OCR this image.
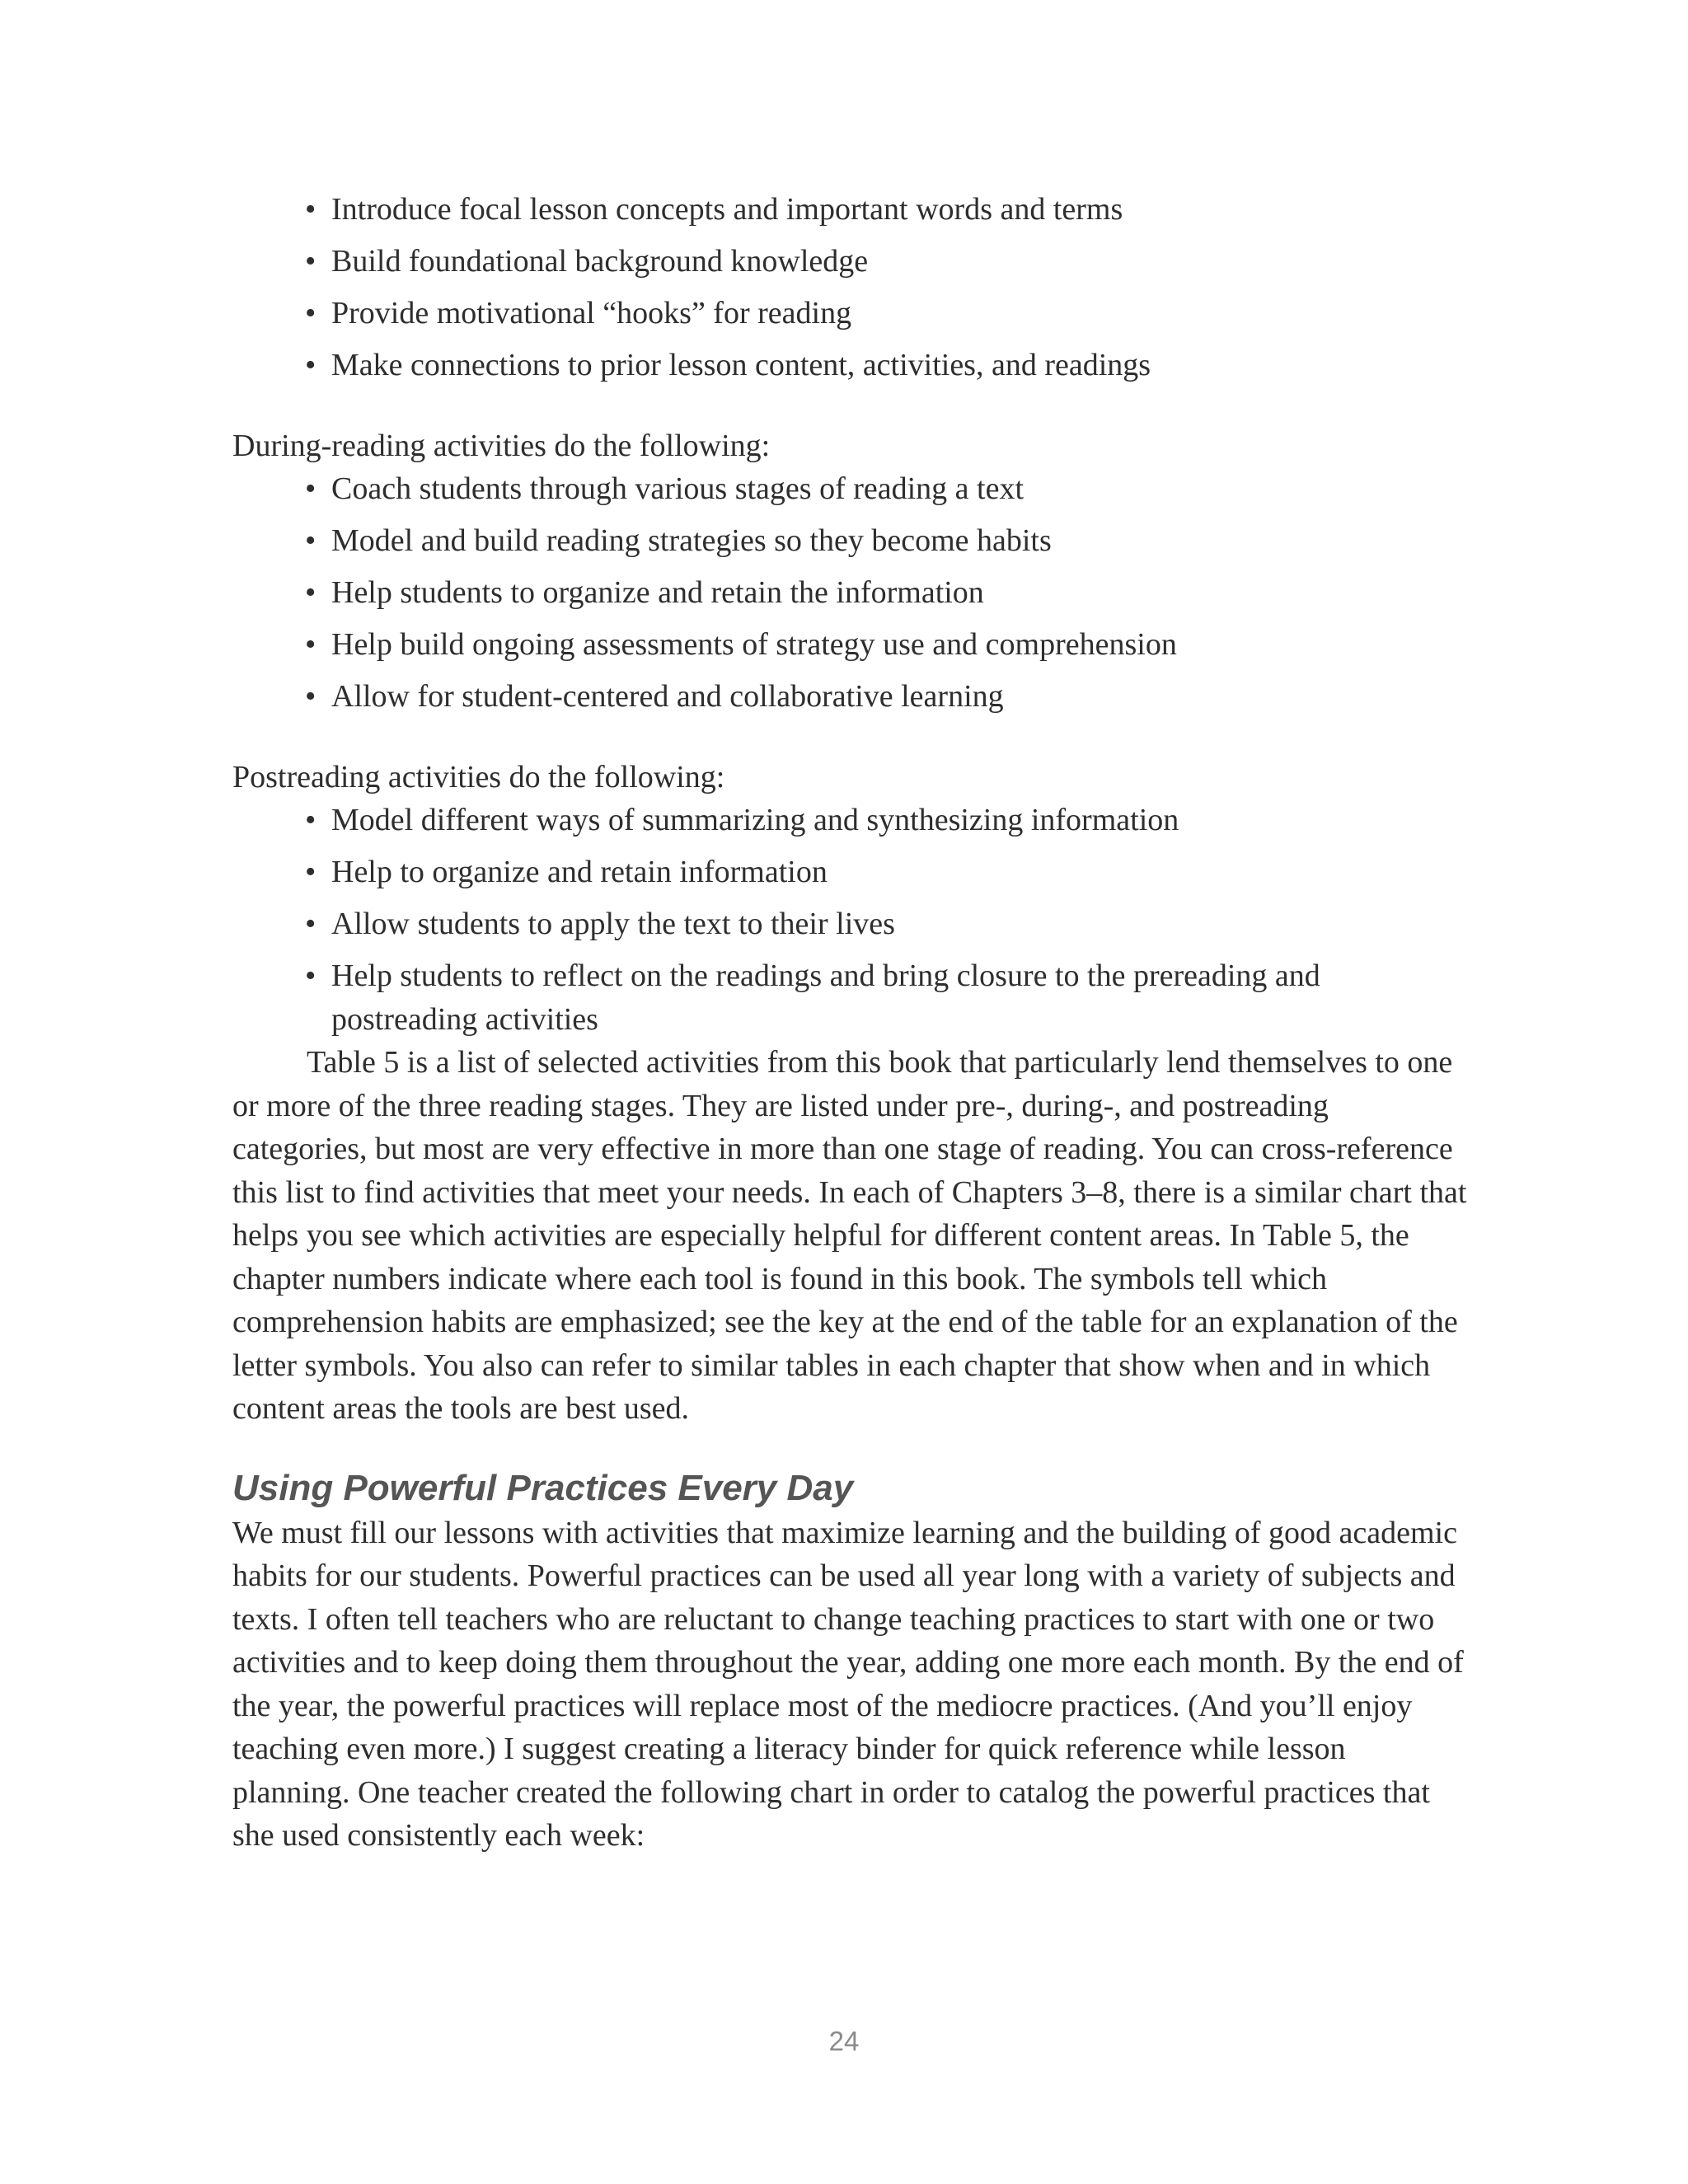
• Introduce focal lesson concepts and important words and terms
• Build foundational background knowledge
• Provide motivational “hooks” for reading
• Make connections to prior lesson content, activities, and readings

During-reading activities do the following:

• Coach students through various stages of reading a text
• Model and build reading strategies so they become habits
• Help students to organize and retain the information
• Help build ongoing assessments of strategy use and comprehension
• Allow for student-centered and collaborative learning

Postreading activities do the following:

• Model different ways of summarizing and synthesizing information
• Help to organize and retain information
• Allow students to apply the text to their lives
• Help students to reflect on the readings and bring closure to the prereading and postreading activities

Table 5 is a list of selected activities from this book that particularly lend themselves to one or more of the three reading stages. They are listed under pre-, during-, and postreading categories, but most are very effective in more than one stage of reading. You can cross-reference this list to find activities that meet your needs. In each of Chapters 3–8, there is a similar chart that helps you see which activities are especially helpful for different content areas. In Table 5, the chapter numbers indicate where each tool is found in this book. The symbols tell which comprehension habits are emphasized; see the key at the end of the table for an explanation of the letter symbols. You also can refer to similar tables in each chapter that show when and in which content areas the tools are best used.

Using Powerful Practices Every Day

We must fill our lessons with activities that maximize learning and the building of good academic habits for our students. Powerful practices can be used all year long with a variety of subjects and texts. I often tell teachers who are reluctant to change teaching practices to start with one or two activities and to keep doing them throughout the year, adding one more each month. By the end of the year, the powerful practices will replace most of the mediocre practices. (And you’ll enjoy teaching even more.) I suggest creating a literacy binder for quick reference while lesson planning. One teacher created the following chart in order to catalog the powerful practices that she used consistently each week:

24
